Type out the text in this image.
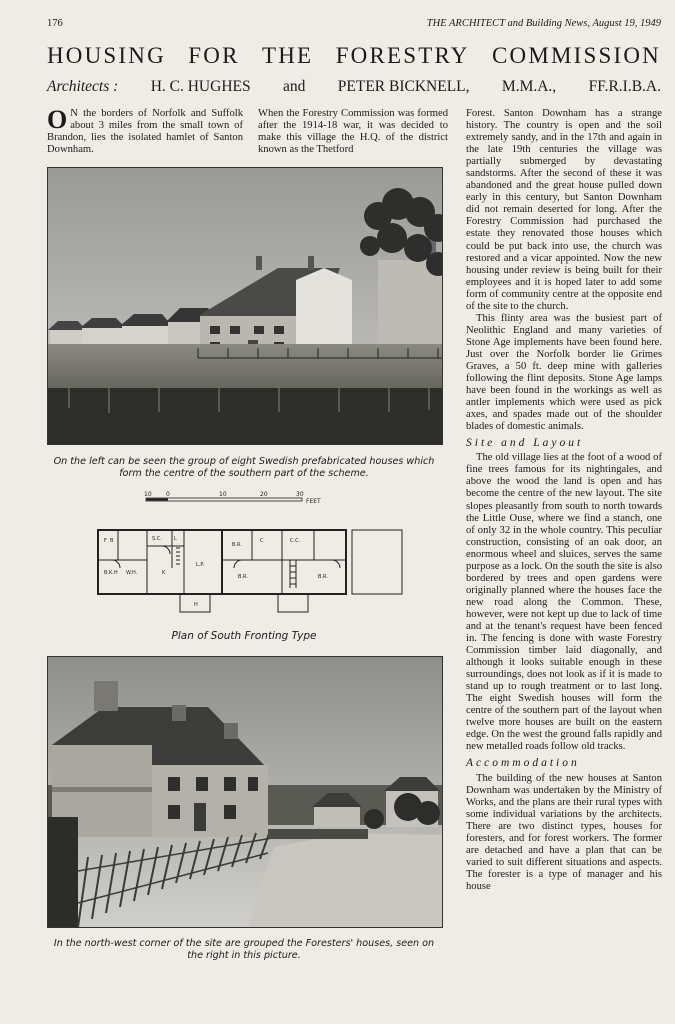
176	THE ARCHITECT and Building News, August 19, 1949
HOUSING FOR THE FORESTRY COMMISSION
Architects : H. C. HUGHES and PETER BICKNELL, M.M.A., FF.R.I.B.A.

O N the borders of Norfolk and Suffolk about 3 miles from the small town of Brandon, lies the isolated hamlet of Santon Downham.

When the Forestry Commission was formed after the 1914-18 war, it was decided to make this village the H.Q. of the district known as the Thetford

Forest. Santon Downham has a strange history. The country is open and the soil extremely sandy, and in the 17th and again in the late 19th centuries the village was partially submerged by devastating sandstorms. After the second of these it was abandoned and the great house pulled down early in this century, but Santon Downham did not remain deserted for long. After the Forestry Commission had purchased the estate they renovated those houses which could be put back into use, the church was restored and a vicar appointed. Now the new housing under review is being built for their employees and it is hoped later to add some form of community centre at the opposite end of the site to the church.

This flinty area was the busiest part of Neolithic England and many varieties of Stone Age implements have been found here. Just over the Norfolk border lie Grimes Graves, a 50 ft. deep mine with galleries following the flint deposits. Stone Age lamps have been found in the workings as well as antler implements which were used as pick axes, and spades made out of the shoulder blades of domestic animals.

Site and Layout

The old village lies at the foot of a wood of fine trees famous for its nightingales, and above the wood the land is open and has become the centre of the new layout. The site slopes pleasantly from south to north towards the Little Ouse, where we find a stanch, one of only 32 in the whole country. This peculiar construction, consisting of an oak door, an enormous wheel and sluices, serves the same purpose as a lock. On the south the site is also bordered by trees and open gardens were originally planned where the houses face the new road along the Common. These, however, were not kept up due to lack of time and at the tenant's request have been fenced in. The fencing is done with waste Forestry Commission timber laid diagonally, and although it looks suitable enough in these surroundings, does not look as if it is made to stand up to rough treatment or to last long. The eight Swedish houses will form the centre of the southern part of the layout when twelve more houses are built on the eastern edge. On the west the ground falls rapidly and new metalled roads follow old tracks.

Accommodation

The building of the new houses at Santon Downham was undertaken by the Ministry of Works, and the plans are their rural types with some individual variations by the architects. There are two distinct types, houses for foresters, and for forest workers. The former are detached and have a plan that can be varied to suit different situations and aspects. The forester is a type of manager and his house

On the left can be seen the group of eight Swedish prefabricated houses which form the centre of the southern part of the scheme.
10 0	10	20	30
FEET
F B
B.K.H W.H.
S.C. L
K
L.P.
H
B.R.
C	C.C.
B.R.	B.R.
Plan of South Fronting Type
In the north-west corner of the site are grouped the Foresters' houses, seen on the right in this picture.
